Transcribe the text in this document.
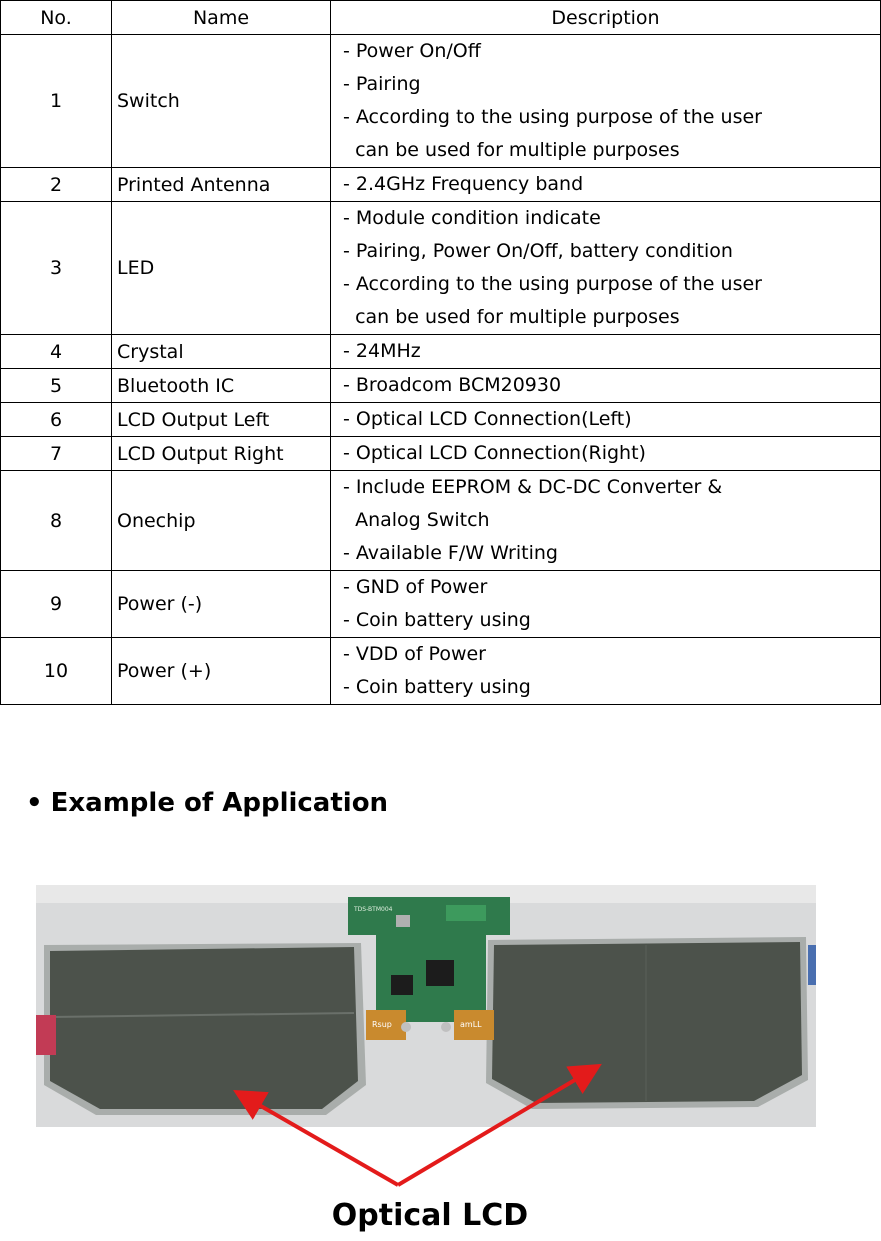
No.	Name	Description
1	Switch	- Power On/Off
- Pairing
- According to the using purpose of the user
can be used for multiple purposes

2	Printed Antenna	- 2.4GHz Frequency band

3	LED	- Module condition indicate
- Pairing, Power On/Off, battery condition
- According to the using purpose of the user
can be used for multiple purposes

4	Crystal	- 24MHz

5	Bluetooth IC	- Broadcom BCM20930

6	LCD Output Left	- Optical LCD Connection(Left)

7	LCD Output Right	- Optical LCD Connection(Right)

8	Onechip	- Include EEPROM & DC-DC Converter &
Analog Switch
- Available F/W Writing

9	Power (-)	- GND of Power
- Coin battery using

10	Power (+)	- VDD of Power
- Coin battery using
• Example of Application
TDS-BTM004
Rsup	amLL
Optical LCD
